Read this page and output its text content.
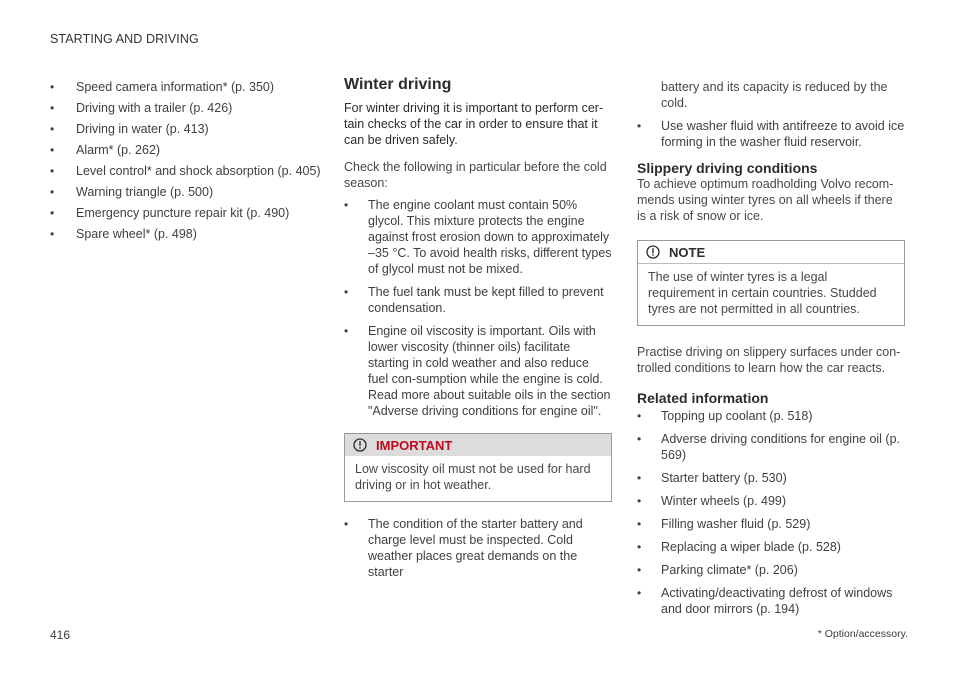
STARTING AND DRIVING
•	Speed camera information* (p. 350)
•	Driving with a trailer (p. 426)
•	Driving in water (p. 413)
•	Alarm* (p. 262)
•	Level control* and shock absorption (p. 405)
•	Warning triangle (p. 500)
•	Emergency puncture repair kit (p. 490)
•	Spare wheel* (p. 498)
Winter driving
For winter driving it is important to perform cer-tain checks of the car in order to ensure that it can be driven safely.

Check the following in particular before the cold season:

•	The engine coolant must contain 50% glycol. This mixture protects the engine against frost erosion down to approximately –35 °C. To avoid health risks, different types of glycol must not be mixed.
•	The fuel tank must be kept filled to prevent condensation.
•	Engine oil viscosity is important. Oils with lower viscosity (thinner oils) facilitate starting in cold weather and also reduce fuel con-sumption while the engine is cold. Read more about suitable oils in the section "Adverse driving conditions for engine oil".
IMPORTANT
Low viscosity oil must not be used for hard driving or in hot weather.
•	The condition of the starter battery and charge level must be inspected. Cold weather places great demands on the starter
battery and its capacity is reduced by the cold.
•	Use washer fluid with antifreeze to avoid ice forming in the washer fluid reservoir.
Slippery driving conditions
To achieve optimum roadholding Volvo recom-mends using winter tyres on all wheels if there is a risk of snow or ice.
NOTE
The use of winter tyres is a legal requirement in certain countries. Studded tyres are not permitted in all countries.

Practise driving on slippery surfaces under con-trolled conditions to learn how the car reacts.

Related information
•	Topping up coolant (p. 518)
•	Adverse driving conditions for engine oil (p. 569)
•	Starter battery (p. 530)
•	Winter wheels (p. 499)
•	Filling washer fluid (p. 529)
•	Replacing a wiper blade (p. 528)
•	Parking climate* (p. 206)
•	Activating/deactivating defrost of windows and door mirrors (p. 194)
416	* Option/accessory.
